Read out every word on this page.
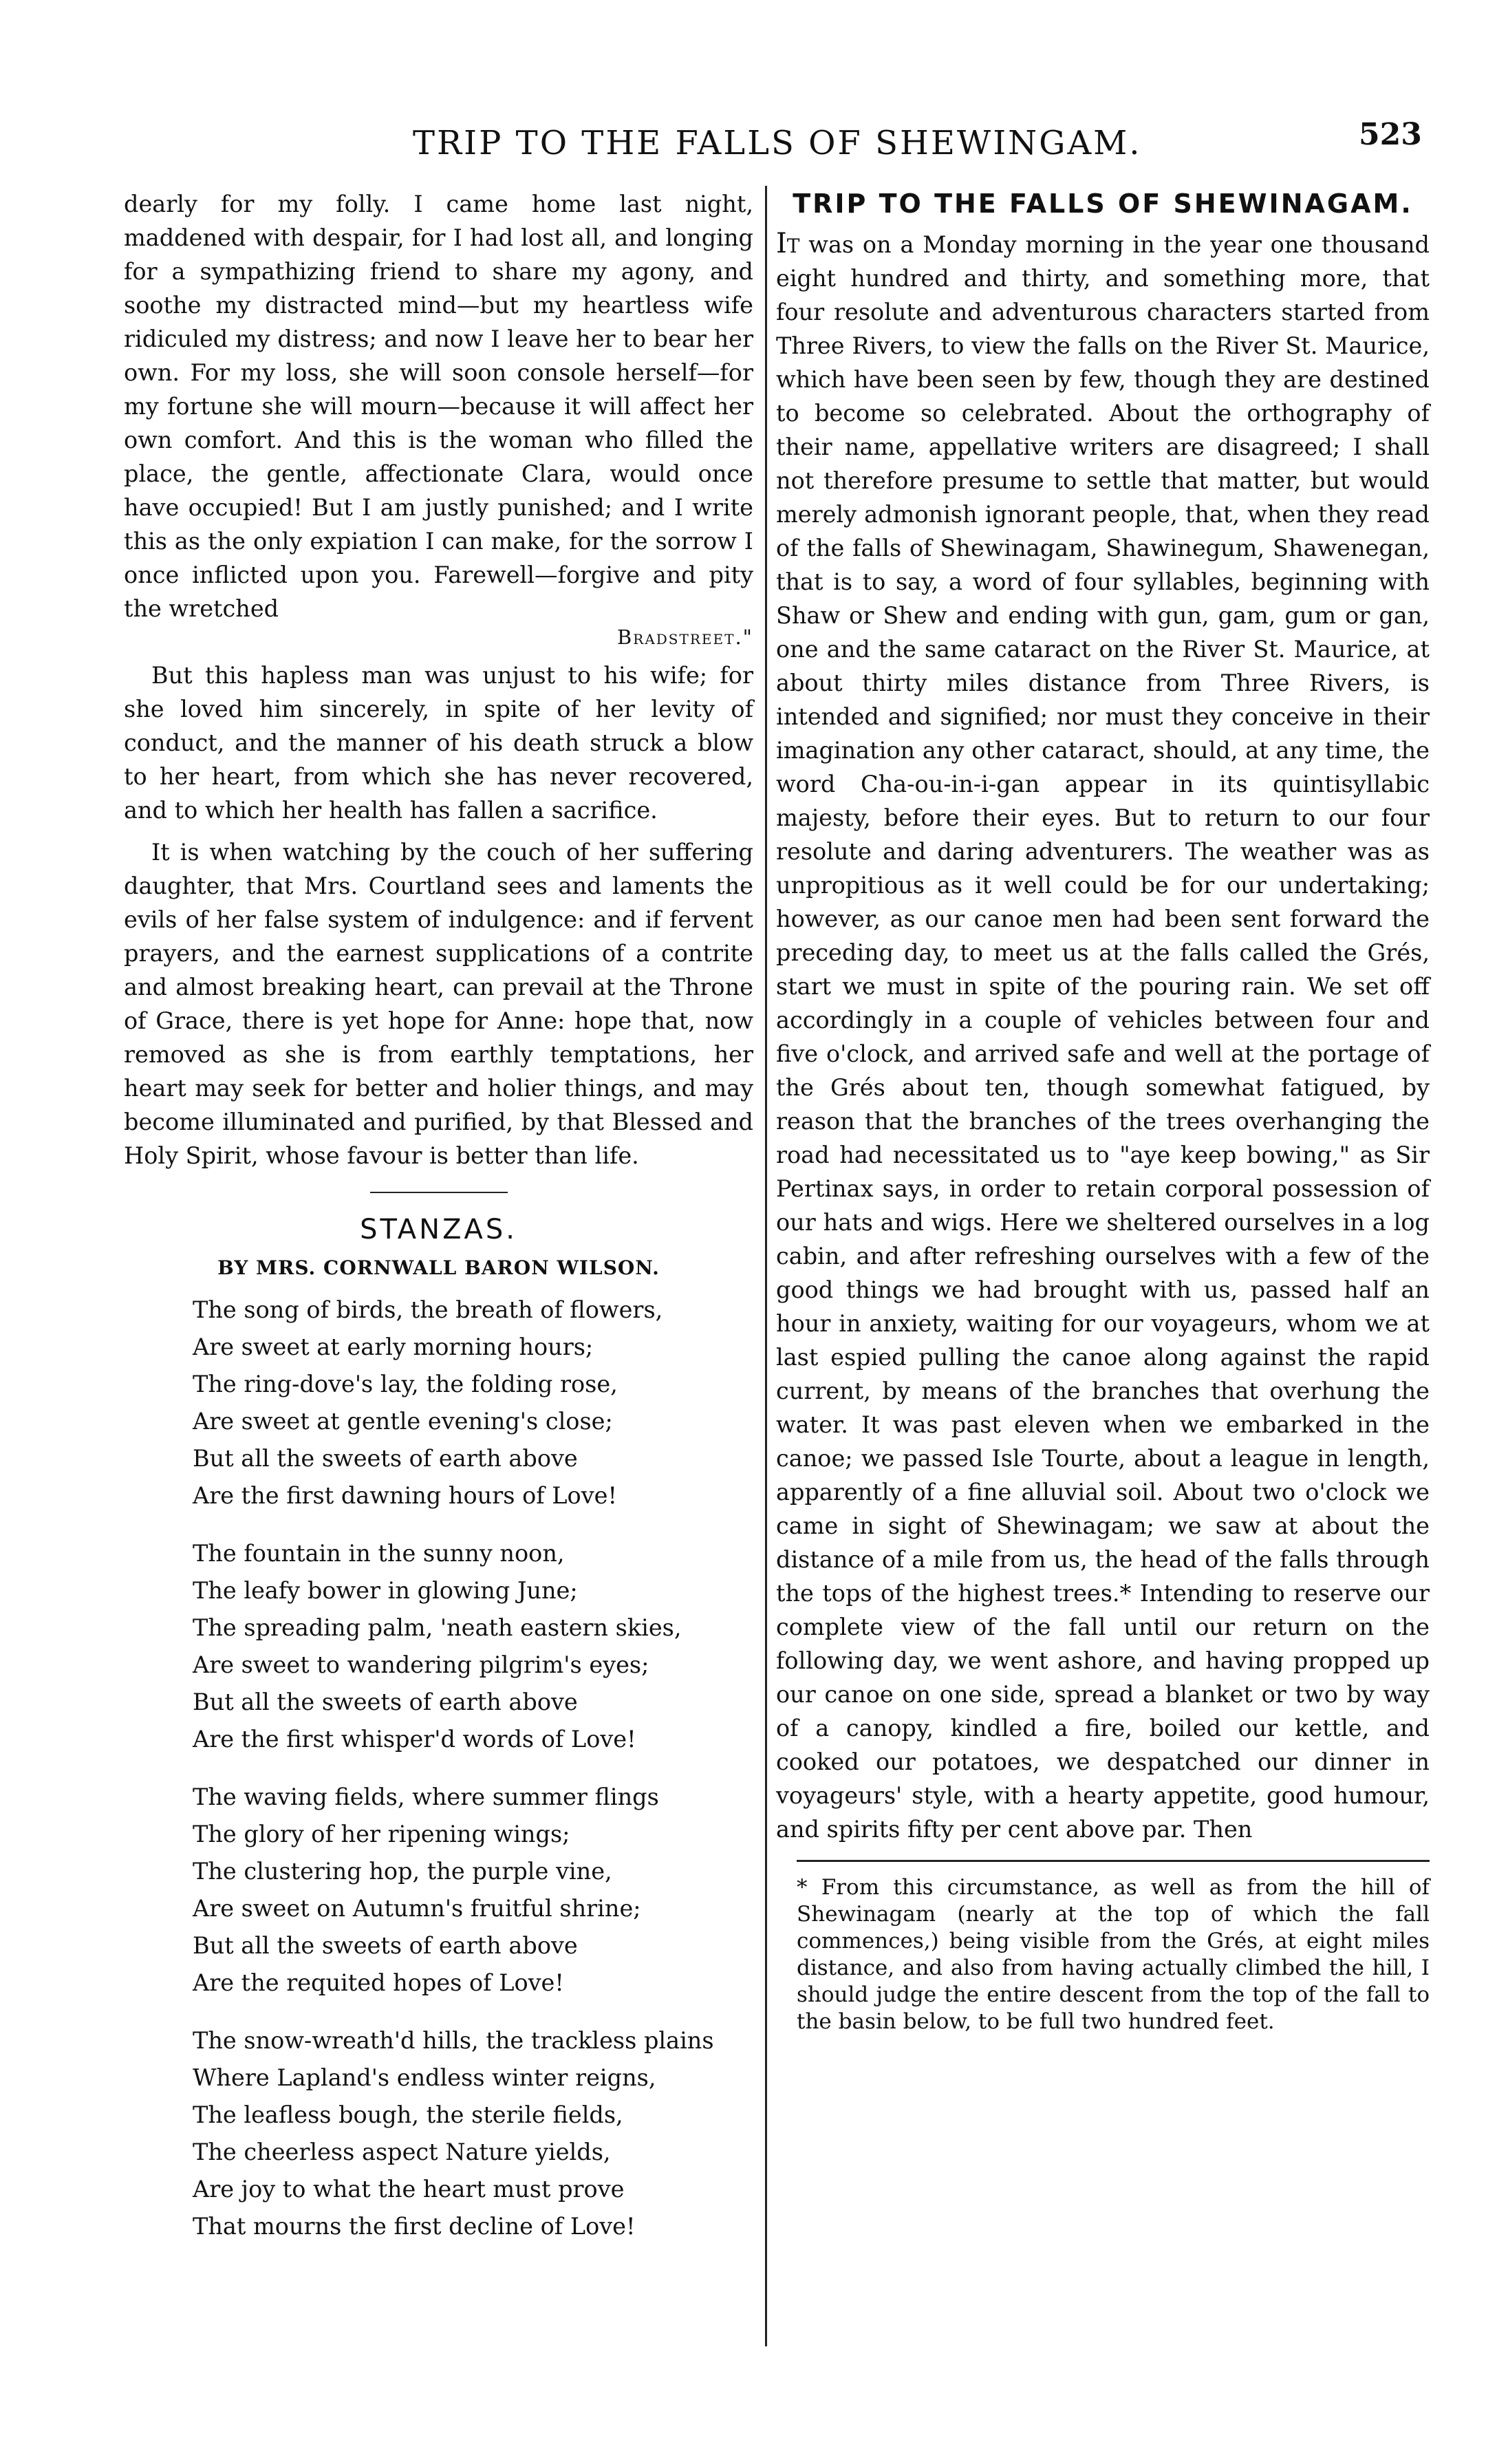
TRIP TO THE FALLS OF SHEWINGAM.	523

dearly for my folly. I came home last night, maddened with despair, for I had lost all, and longing for a sympathizing friend to share my agony, and soothe my distracted mind—but my heartless wife ridiculed my distress; and now I leave her to bear her own. For my loss, she will soon console herself—for my fortune she will mourn—because it will affect her own comfort. And this is the woman who filled the place, the gentle, affectionate Clara, would once have occupied! But I am justly punished; and I write this as the only expiation I can make, for the sorrow I once inflicted upon you. Farewell—forgive and pity the wretched

Bradstreet."

But this hapless man was unjust to his wife; for she loved him sincerely, in spite of her levity of conduct, and the manner of his death struck a blow to her heart, from which she has never recovered, and to which her health has fallen a sacrifice.

It is when watching by the couch of her suffering daughter, that Mrs. Courtland sees and laments the evils of her false system of indulgence: and if fervent prayers, and the earnest supplications of a contrite and almost breaking heart, can prevail at the Throne of Grace, there is yet hope for Anne: hope that, now removed as she is from earthly temptations, her heart may seek for better and holier things, and may become illuminated and purified, by that Blessed and Holy Spirit, whose favour is better than life.

STANZAS.
BY MRS. CORNWALL BARON WILSON.
The song of birds, the breath of flowers,
Are sweet at early morning hours;
The ring-dove's lay, the folding rose,
Are sweet at gentle evening's close;
But all the sweets of earth above
Are the first dawning hours of Love!
The fountain in the sunny noon,
The leafy bower in glowing June;
The spreading palm, 'neath eastern skies,
Are sweet to wandering pilgrim's eyes;
But all the sweets of earth above
Are the first whisper'd words of Love!
The waving fields, where summer flings
The glory of her ripening wings;
The clustering hop, the purple vine,
Are sweet on Autumn's fruitful shrine;
But all the sweets of earth above
Are the requited hopes of Love!
The snow-wreath'd hills, the trackless plains
Where Lapland's endless winter reigns,
The leafless bough, the sterile fields,
The cheerless aspect Nature yields,
Are joy to what the heart must prove
That mourns the first decline of Love!
TRIP TO THE FALLS OF SHEWINAGAM.

It was on a Monday morning in the year one thousand eight hundred and thirty, and something more, that four resolute and adventurous characters started from Three Rivers, to view the falls on the River St. Maurice, which have been seen by few, though they are destined to become so celebrated. About the orthography of their name, appellative writers are disagreed; I shall not therefore presume to settle that matter, but would merely admonish ignorant people, that, when they read of the falls of Shewinagam, Shawinegum, Shawenegan, that is to say, a word of four syllables, beginning with Shaw or Shew and ending with gun, gam, gum or gan, one and the same cataract on the River St. Maurice, at about thirty miles distance from Three Rivers, is intended and signified; nor must they conceive in their imagination any other cataract, should, at any time, the word Cha-ou-in-i-gan appear in its quintisyllabic majesty, before their eyes. But to return to our four resolute and daring adventurers. The weather was as unpropitious as it well could be for our undertaking; however, as our canoe men had been sent forward the preceding day, to meet us at the falls called the Grés, start we must in spite of the pouring rain. We set off accordingly in a couple of vehicles between four and five o'clock, and arrived safe and well at the portage of the Grés about ten, though somewhat fatigued, by reason that the branches of the trees overhanging the road had necessitated us to "aye keep bowing," as Sir Pertinax says, in order to retain corporal possession of our hats and wigs. Here we sheltered ourselves in a log cabin, and after refreshing ourselves with a few of the good things we had brought with us, passed half an hour in anxiety, waiting for our voyageurs, whom we at last espied pulling the canoe along against the rapid current, by means of the branches that overhung the water. It was past eleven when we embarked in the canoe; we passed Isle Tourte, about a league in length, apparently of a fine alluvial soil. About two o'clock we came in sight of Shewinagam; we saw at about the distance of a mile from us, the head of the falls through the tops of the highest trees.* Intending to reserve our complete view of the fall until our return on the following day, we went ashore, and having propped up our canoe on one side, spread a blanket or two by way of a canopy, kindled a fire, boiled our kettle, and cooked our potatoes, we despatched our dinner in voyageurs' style, with a hearty appetite, good humour, and spirits fifty per cent above par. Then

* From this circumstance, as well as from the hill of Shewinagam (nearly at the top of which the fall commences,) being visible from the Grés, at eight miles distance, and also from having actually climbed the hill, I should judge the entire descent from the top of the fall to the basin below, to be full two hundred feet.
